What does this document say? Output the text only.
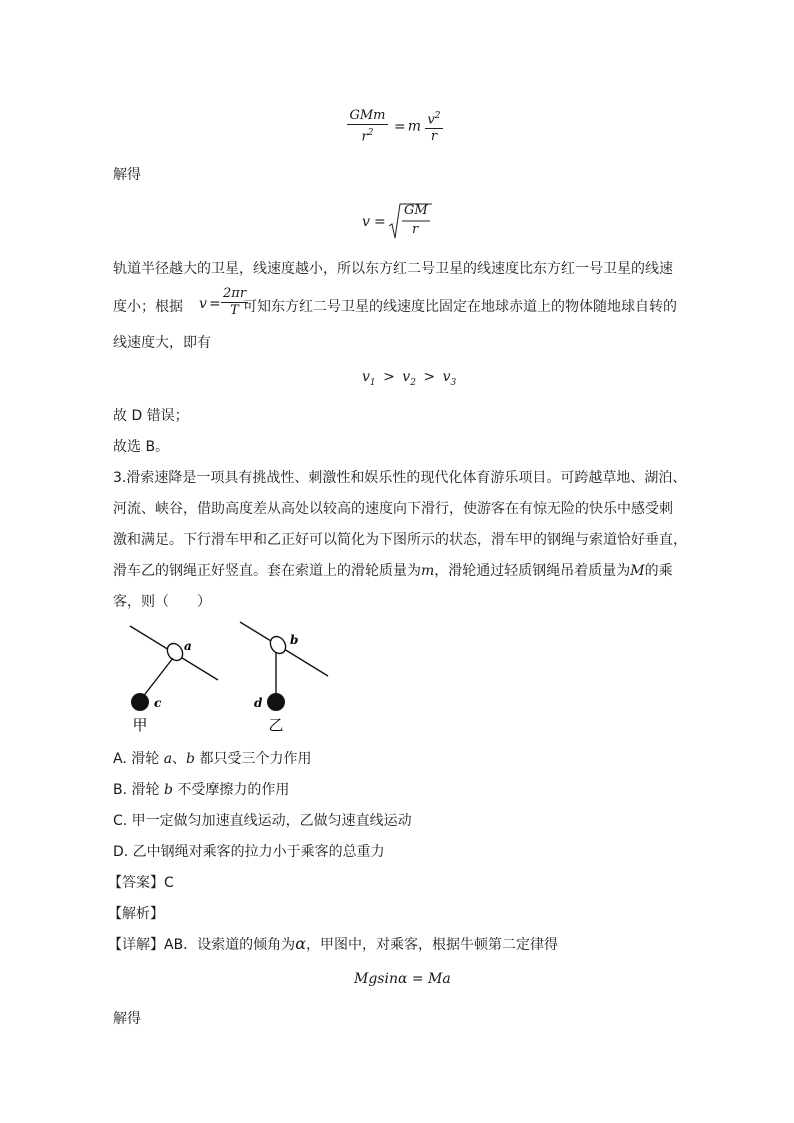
$\frac{\text{GMm}}{r^2} = m \frac{v^2}{r}$
解得
v =
GM
r
轨道半径越大的卫星，线速度越小，所以东方红二号卫星的线速度比东方红一号卫星的线速
度小；根据 $v = \frac{2\pi r}{T}$
可知东方红二号卫星的线速度比固定在地球赤道上的物体随地球自转的
线速度大，即有
$v_1 > v_2 > v_3$
故 D 错误；
故选 B。
3.滑索速降是一项具有挑战性、刺激性和娱乐性的现代化体育游乐项目。可跨越草地、湖泊、
河流、峡谷，借助高度差从高处以较高的速度向下滑行，使游客在有惊无险的快乐中感受刺
激和满足。下行滑车甲和乙正好可以简化为下图所示的状态，滑车甲的钢绳与索道恰好垂直，
滑车乙的钢绳正好竖直。套在索道上的滑轮质量为m，滑轮通过轻质钢绳吊着质量为M的乘
客，则（　　）
a
c
甲
b
d
乙
A. 滑轮 a、b 都只受三个力作用
B. 滑轮 b 不受摩擦力的作用
C. 甲一定做匀加速直线运动，乙做匀速直线运动
D. 乙中钢绳对乘客的拉力小于乘客的总重力
【答案】C
【解析】
【详解】AB．设索道的倾角为α，甲图中，对乘客，根据牛顿第二定律得
Mgsinα = Ma
解得
